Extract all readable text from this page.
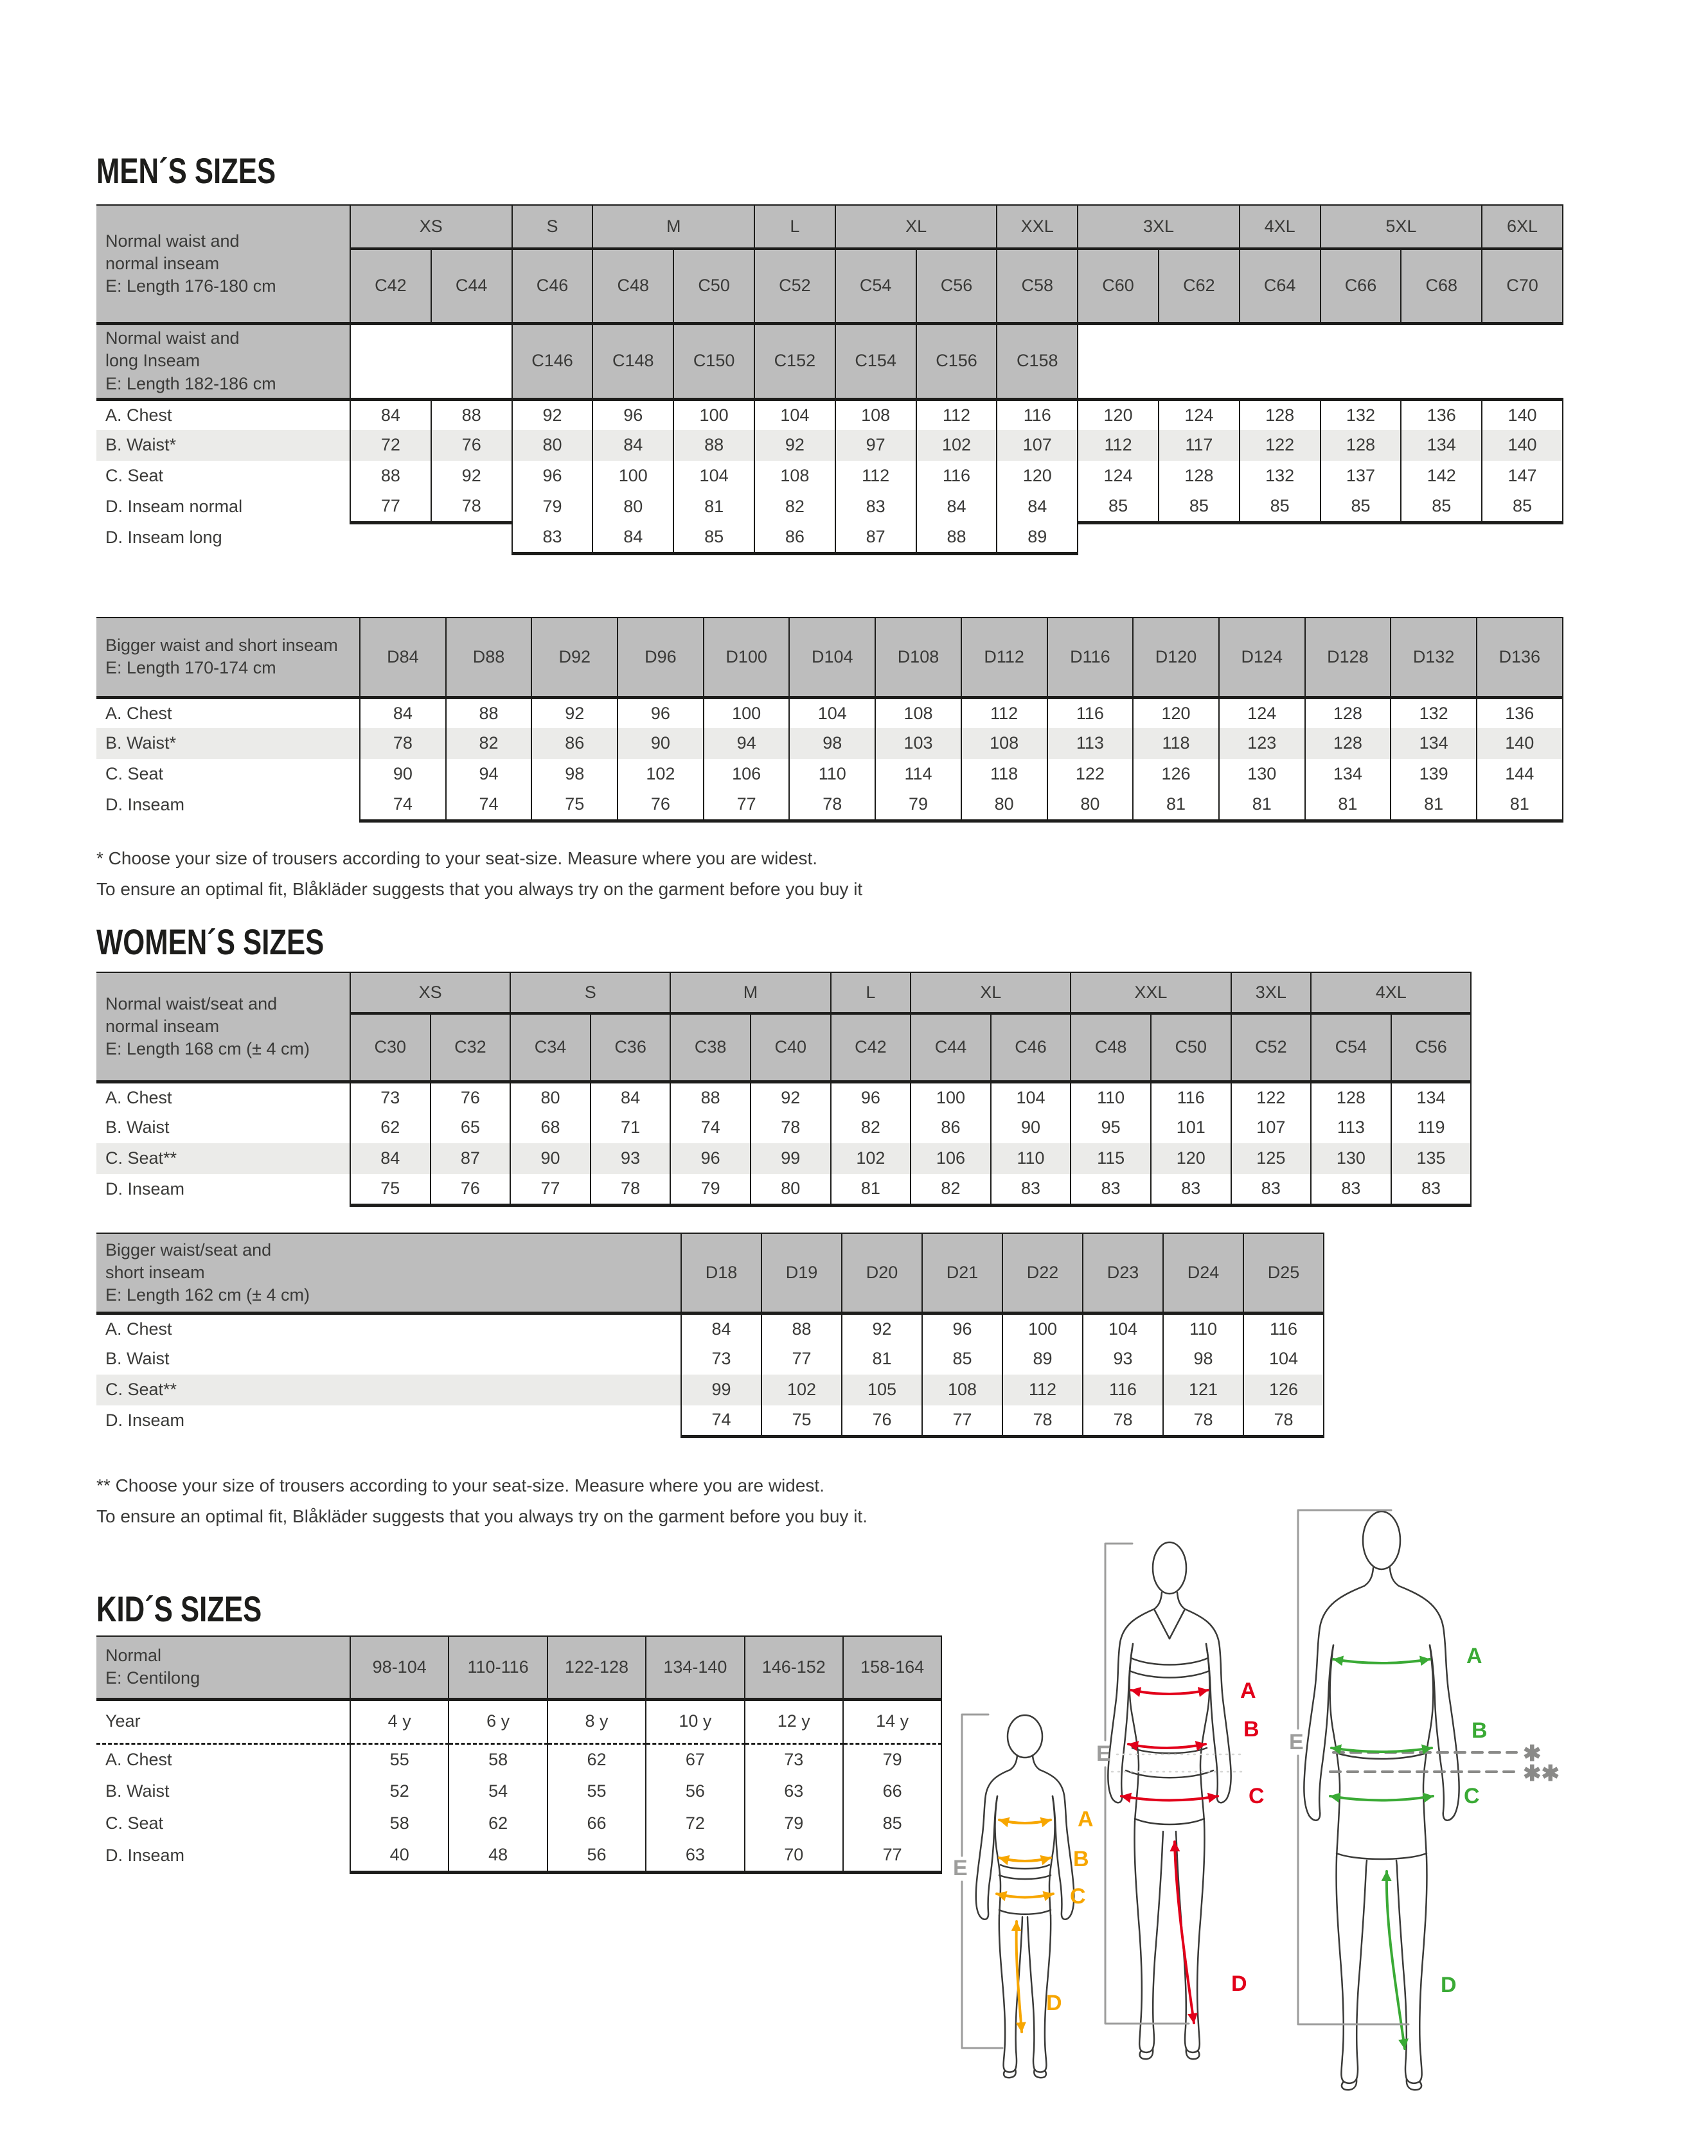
MEN´S SIZES
Normal waist and
normal inseam
E: Length 176-180 cm	XS		S	M		L	XL		XXL	3XL		4XL	5XL		6XL
	C42	C44	C46	C48	C50	C52	C54	C56	C58	C60	C62	C64	C66	C68	C70
Normal waist and
long Inseam
E: Length 182-186 cm			C146	C148	C150	C152	C154	C156	C158						
A. Chest	84	88	92	96	100	104	108	112	116	120	124	128	132	136	140
B. Waist*	72	76	80	84	88	92	97	102	107	112	117	122	128	134	140
C. Seat	88	92	96	100	104	108	112	116	120	124	128	132	137	142	147
D. Inseam normal	77	78	79	80	81	82	83	84	84	85	85	85	85	85	85
D. Inseam long			83	84	85	86	87	88	89						
Bigger waist and short inseam
E: Length 170-174 cm	D84	D88	D92	D96	D100	D104	D108	D112	D116	D120	D124	D128	D132	D136
A. Chest	84	88	92	96	100	104	108	112	116	120	124	128	132	136
B. Waist*	78	82	86	90	94	98	103	108	113	118	123	128	134	140
C. Seat	90	94	98	102	106	110	114	118	122	126	130	134	139	144
D. Inseam	74	74	75	76	77	78	79	80	80	81	81	81	81	81
* Choose your size of trousers according to your seat-size. Measure where you are widest.
To ensure an optimal fit, Blåkläder suggests that you always try on the garment before you buy it
WOMEN´S SIZES
Normal waist/seat and
normal inseam
E: Length 168 cm (± 4 cm)	XS		S		M		L	XL		XXL		3XL	4XL	
	C30	C32	C34	C36	C38	C40	C42	C44	C46	C48	C50	C52	C54	C56
A. Chest	73	76	80	84	88	92	96	100	104	110	116	122	128	134
B. Waist	62	65	68	71	74	78	82	86	90	95	101	107	113	119
C. Seat**	84	87	90	93	96	99	102	106	110	115	120	125	130	135
D. Inseam	75	76	77	78	79	80	81	82	83	83	83	83	83	83
Bigger waist/seat and
short inseam
E: Length 162 cm (± 4 cm)	D18	D19	D20	D21	D22	D23	D24	D25
A. Chest	84	88	92	96	100	104	110	116
B. Waist	73	77	81	85	89	93	98	104
C. Seat**	99	102	105	108	112	116	121	126
D. Inseam	74	75	76	77	78	78	78	78
** Choose your size of trousers according to your seat-size. Measure where you are widest.
To ensure an optimal fit, Blåkläder suggests that you always try on the garment before you buy it.
KID´S SIZES
Normal
E: Centilong	98-104	110-116	122-128	134-140	146-152	158-164
Year	4 y	6 y	8 y	10 y	12 y	14 y
A. Chest	55	58	62	67	73	79
B. Waist	52	54	55	56	63	66
C. Seat	58	62	66	72	79	85
D. Inseam	40	48	56	63	70	77
A
B
C
D
E
A
B
C
D
E	✱
✱✱
A
B
C
D
E
